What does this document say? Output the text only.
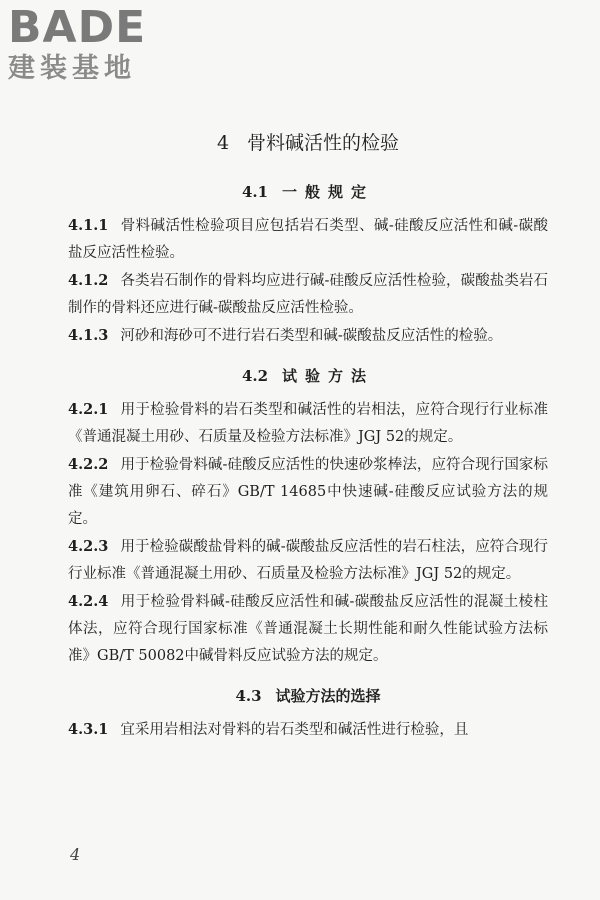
BADE
建装基地
4 骨料碱活性的检验
4.1 一般规定

4.1.1 骨料碱活性检验项目应包括岩石类型、碱-硅酸反应活性和碱-碳酸盐反应活性检验。

4.1.2 各类岩石制作的骨料均应进行碱-硅酸反应活性检验，碳酸盐类岩石制作的骨料还应进行碱-碳酸盐反应活性检验。

4.1.3 河砂和海砂可不进行岩石类型和碱-碳酸盐反应活性的检验。

4.2 试验方法

4.2.1 用于检验骨料的岩石类型和碱活性的岩相法，应符合现行行业标准《普通混凝土用砂、石质量及检验方法标准》JGJ 52的规定。

4.2.2 用于检验骨料碱-硅酸反应活性的快速砂浆棒法，应符合现行国家标准《建筑用卵石、碎石》GB/T 14685中快速碱-硅酸反应试验方法的规定。

4.2.3 用于检验碳酸盐骨料的碱-碳酸盐反应活性的岩石柱法，应符合现行行业标准《普通混凝土用砂、石质量及检验方法标准》JGJ 52的规定。

4.2.4 用于检验骨料碱-硅酸反应活性和碱-碳酸盐反应活性的混凝土棱柱体法，应符合现行国家标准《普通混凝土长期性能和耐久性能试验方法标准》GB/T 50082中碱骨料反应试验方法的规定。

4.3 试验方法的选择

4.3.1 宜采用岩相法对骨料的岩石类型和碱活性进行检验，且

4
